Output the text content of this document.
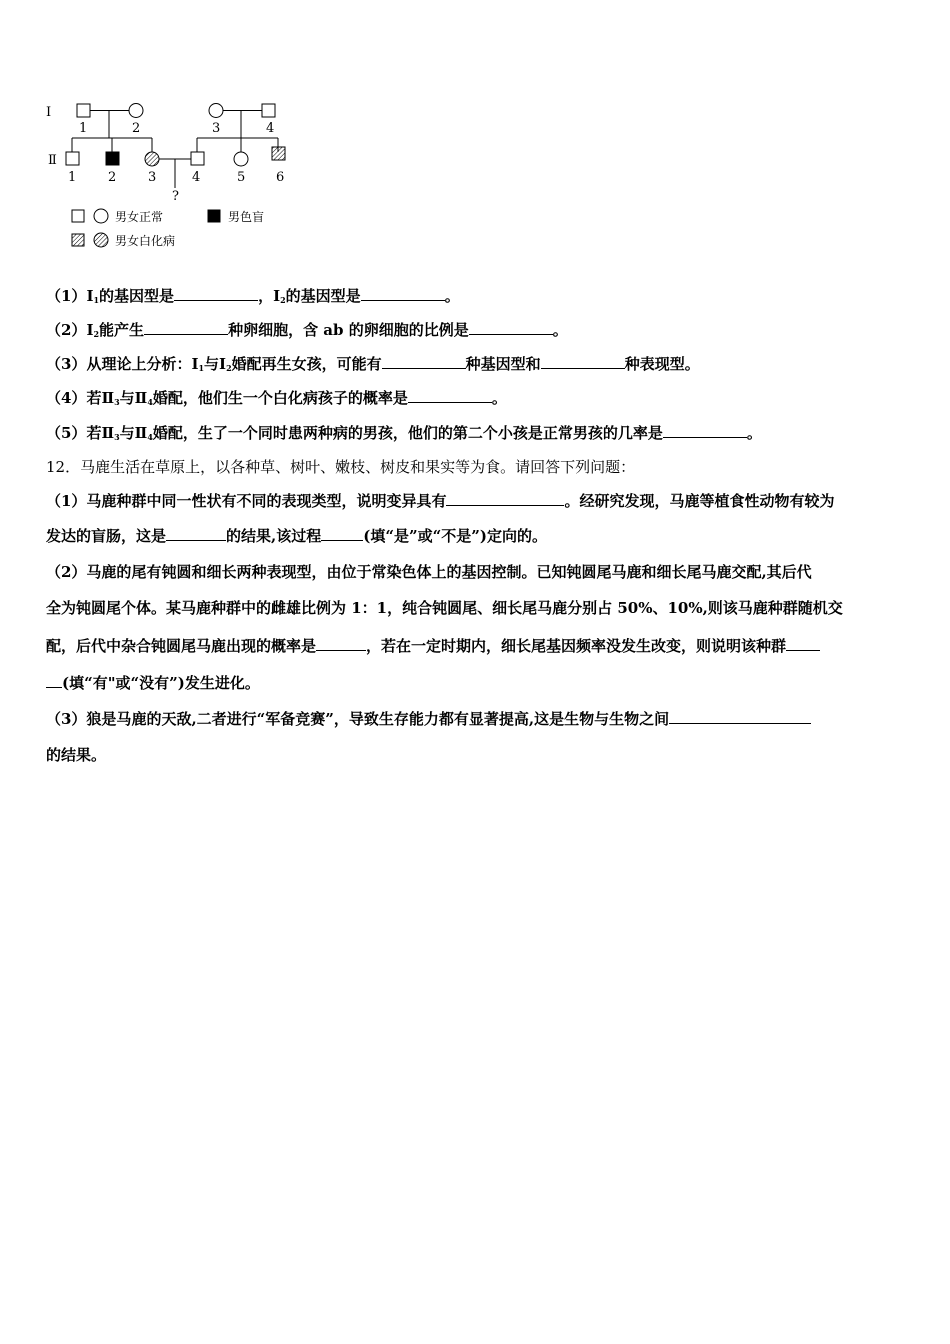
Ⅰ
Ⅱ
1	2	3	4
1 2 3	4	5 6
?
男女正常	男色盲
男女白化病
$(1)Ⅰ_1$的基因型是	，$Ⅰ_2$的基因型是	。
$(2)Ⅰ_2$能产生	种卵细胞，含 ab 的卵细胞的比例是	。
（3）从理论上分析：$Ⅰ_1$与$Ⅰ_2$婚配再生女孩，可能有	种基因型和	种表现型。
（4）若$Ⅱ_3$与$Ⅱ_4$婚配，他们生一个白化病孩子的概率是	。
（5）若$Ⅱ_3$与$Ⅱ_4$婚配，生了一个同时患两种病的男孩，他们的第二个小孩是正常男孩的几率是	。
12．马鹿生活在草原上，以各种草、树叶、嫩枝、树皮和果实等为食。请回答下列问题：
（1）马鹿种群中同一性状有不同的表现类型，说明变异具有	。经研究发现，马鹿等植食性动物有较为
发达的盲肠，这是	的结果,该过程	(填“是”或“不是”)定向的。
（2）马鹿的尾有钝圆和细长两种表现型，由位于常染色体上的基因控制。已知钝圆尾马鹿和细长尾马鹿交配,其后代
全为钝圆尾个体。某马鹿种群中的雌雄比例为 1：1，纯合钝圆尾、细长尾马鹿分别占 50%、10%,则该马鹿种群随机交
配，后代中杂合钝圆尾马鹿出现的概率是	，若在一定时期内，细长尾基因频率没发生改变，则说明该种群
(填“有"或“没有”)发生进化。
（3）狼是马鹿的天敌,二者进行“军备竞赛”，导致生存能力都有显著提高,这是生物与生物之间
的结果。
